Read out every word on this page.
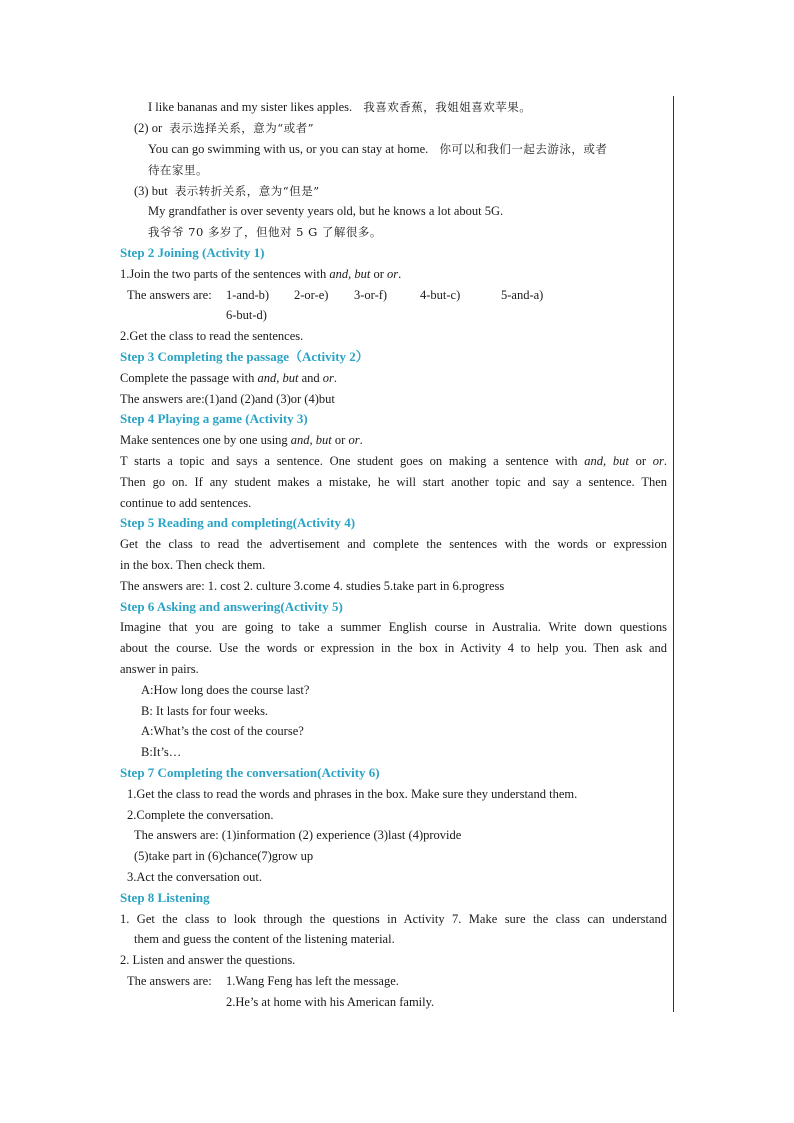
I like bananas and my sister likes apples. 我喜欢香蕉，我姐姐喜欢苹果。
(2) or 表示选择关系，意为“或者”
You can go swimming with us, or you can stay at home. 你可以和我们一起去游泳，或者
待在家里。
(3) but 表示转折关系，意为“但是”
My grandfather is over seventy years old, but he knows a lot about 5G.
我爷爷 70 多岁了，但他对 5 G 了解很多。
Step 2 Joining (Activity 1)
1.Join the two parts of the sentences with and, but or or.
The answers are: 1-and-b) 2-or-e) 3-or-f)	4-but-c)	5-and-a)
6-but-d)
2.Get the class to read the sentences.
Step 3 Completing the passage（Activity 2）
Complete the passage with and, but and or.
The answers are:(1)and (2)and (3)or (4)but
Step 4 Playing a game (Activity 3)
Make sentences one by one using and, but or or.
T starts a topic and says a sentence. One student goes on making a sentence with and, but or or.
Then go on. If any student makes a mistake, he will start another topic and say a sentence. Then
continue to add sentences.
Step 5 Reading and completing(Activity 4)
Get the class to read the advertisement and complete the sentences with the words or expression
in the box. Then check them.
The answers are: 1. cost 2. culture 3.come 4. studies 5.take part in 6.progress
Step 6 Asking and answering(Activity 5)
Imagine that you are going to take a summer English course in Australia. Write down questions
about the course. Use the words or expression in the box in Activity 4 to help you. Then ask and
answer in pairs.
A:How long does the course last?
B: It lasts for four weeks.
A:What’s the cost of the course?
B:It’s…
Step 7 Completing the conversation(Activity 6)
1.Get the class to read the words and phrases in the box. Make sure they understand them.
2.Complete the conversation.
The answers are: (1)information (2) experience (3)last (4)provide
(5)take part in (6)chance(7)grow up
3.Act the conversation out.
Step 8 Listening
1. Get the class to look through the questions in Activity 7. Make sure the class can understand
them and guess the content of the listening material.
2. Listen and answer the questions.
The answers are: 1.Wang Feng has left the message.
2.He’s at home with his American family.
